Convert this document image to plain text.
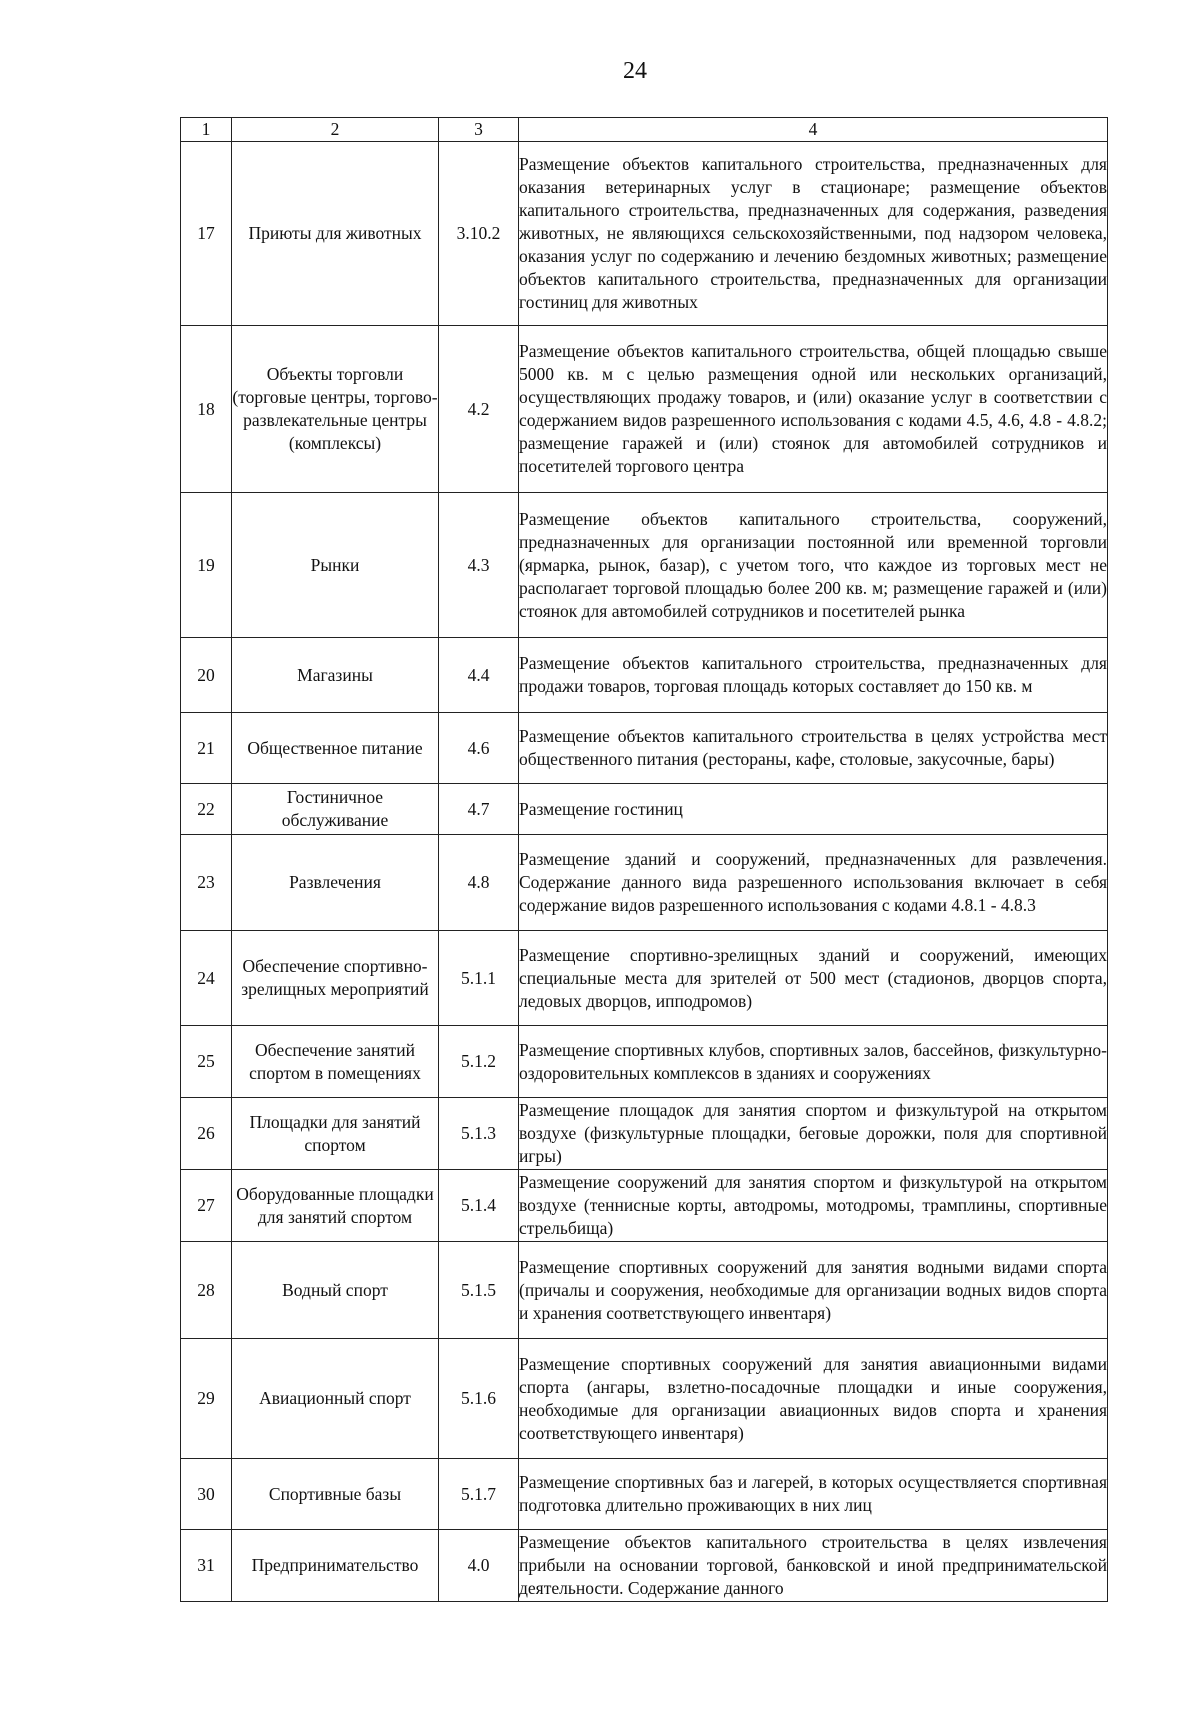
24
1	2	3	4
17	Приюты для животных	3.10.2	Размещение объектов капитального строительства, предназначенных для оказания ветеринарных услуг в стационаре; размещение объектов капитального строительства, предназначенных для содержания, разведения животных, не являющихся сельскохозяйственными, под надзором человека, оказания услуг по содержанию и лечению бездомных животных; размещение объектов капитального строительства, предназначенных для организации гостиниц для животных
18	Объекты торговли (торговые центры, торгово-развлекательные центры (комплексы)	4.2	Размещение объектов капитального строительства, общей площадью свыше 5000 кв. м с целью размещения одной или нескольких организаций, осуществляющих продажу товаров, и (или) оказание услуг в соответствии с содержанием видов разрешенного использования с кодами 4.5, 4.6, 4.8 - 4.8.2; размещение гаражей и (или) стоянок для автомобилей сотрудников и посетителей торгового центра
19	Рынки	4.3	Размещение объектов капитального строительства, сооружений, предназначенных для организации постоянной или временной торговли (ярмарка, рынок, базар), с учетом того, что каждое из торговых мест не располагает торговой площадью более 200 кв. м; размещение гаражей и (или) стоянок для автомобилей сотрудников и посетителей рынка
20	Магазины	4.4	Размещение объектов капитального строительства, предназначенных для продажи товаров, торговая площадь которых составляет до 150 кв. м
21	Общественное питание	4.6	Размещение объектов капитального строительства в целях устройства мест общественного питания (рестораны, кафе, столовые, закусочные, бары)
22	Гостиничное обслуживание	4.7	Размещение гостиниц
23	Развлечения	4.8	Размещение зданий и сооружений, предназначенных для развлечения. Содержание данного вида разрешенного использования включает в себя содержание видов разрешенного использования с кодами 4.8.1 - 4.8.3
24	Обеспечение спортивно-зрелищных мероприятий	5.1.1	Размещение спортивно-зрелищных зданий и сооружений, имеющих специальные места для зрителей от 500 мест (стадионов, дворцов спорта, ледовых дворцов, ипподромов)
25	Обеспечение занятий спортом в помещениях	5.1.2	Размещение спортивных клубов, спортивных залов, бассейнов, физкультурно-оздоровительных комплексов в зданиях и сооружениях
26	Площадки для занятий спортом	5.1.3	Размещение площадок для занятия спортом и физкультурой на открытом воздухе (физкультурные площадки, беговые дорожки, поля для спортивной игры)
27	Оборудованные площадки для занятий спортом	5.1.4	Размещение сооружений для занятия спортом и физкультурой на открытом воздухе (теннисные корты, автодромы, мотодромы, трамплины, спортивные стрельбища)
28	Водный спорт	5.1.5	Размещение спортивных сооружений для занятия водными видами спорта (причалы и сооружения, необходимые для организации водных видов спорта и хранения соответствующего инвентаря)
29	Авиационный спорт	5.1.6	Размещение спортивных сооружений для занятия авиационными видами спорта (ангары, взлетно-посадочные площадки и иные сооружения, необходимые для организации авиационных видов спорта и хранения соответствующего инвентаря)
30	Спортивные базы	5.1.7	Размещение спортивных баз и лагерей, в которых осуществляется спортивная подготовка длительно проживающих в них лиц
31	Предпринимательство	4.0	Размещение объектов капитального строительства в целях извлечения прибыли на основании торговой, банковской и иной предпринимательской деятельности. Содержание данного
